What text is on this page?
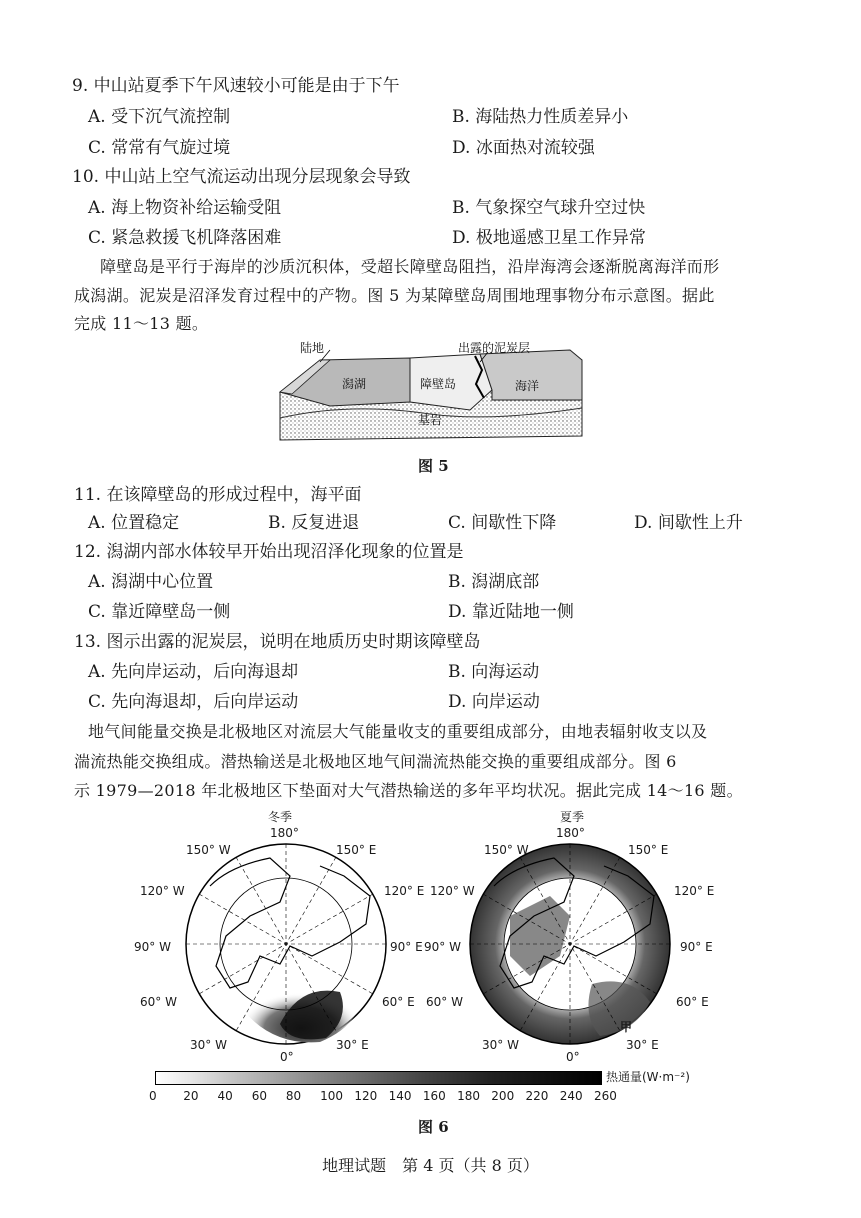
9. 中山站夏季下午风速较小可能是由于下午
A. 受下沉气流控制	B. 海陆热力性质差异小
C. 常常有气旋过境	D. 冰面热对流较强
10. 中山站上空气流运动出现分层现象会导致
A. 海上物资补给运输受阻	B. 气象探空气球升空过快
C. 紧急救援飞机降落困难	D. 极地遥感卫星工作异常
障壁岛是平行于海岸的沙质沉积体，受超长障壁岛阻挡，沿岸海湾会逐渐脱离海洋而形
成潟湖。泥炭是沼泽发育过程中的产物。图 5 为某障壁岛周围地理事物分布示意图。据此
完成 11～13 题。
陆地	出露的泥炭层
潟湖	障壁岛	海洋
基岩
图 5
11. 在该障壁岛的形成过程中，海平面
A. 位置稳定	B. 反复进退	C. 间歇性下降	D. 间歇性上升
12. 潟湖内部水体较早开始出现沼泽化现象的位置是
A. 潟湖中心位置	B. 潟湖底部
C. 靠近障壁岛一侧	D. 靠近陆地一侧
13. 图示出露的泥炭层，说明在地质历史时期该障壁岛
A. 先向岸运动，后向海退却	B. 向海运动
C. 先向海退却，后向岸运动	D. 向岸运动
地气间能量交换是北极地区对流层大气能量收支的重要组成部分，由地表辐射收支以及
湍流热能交换组成。潜热输送是北极地区地气间湍流热能交换的重要组成部分。图 6
示 1979—2018 年北极地区下垫面对大气潜热输送的多年平均状况。据此完成 14～16 题。
冬季
180°
150° W	150° E
120° W	120° E
90° W	90° E
60° W	60° E
30° W	30° E
0°
夏季
180°
150° W	150° E
120° W	120° E
90° W	90° E
60° W	60° E
30° W	30° E
0°
甲
热通量(W·m⁻²)
0 20 40 60 80 100 120 140 160 180 200 220 240 260
图 6
地理试题　第 4 页（共 8 页）
